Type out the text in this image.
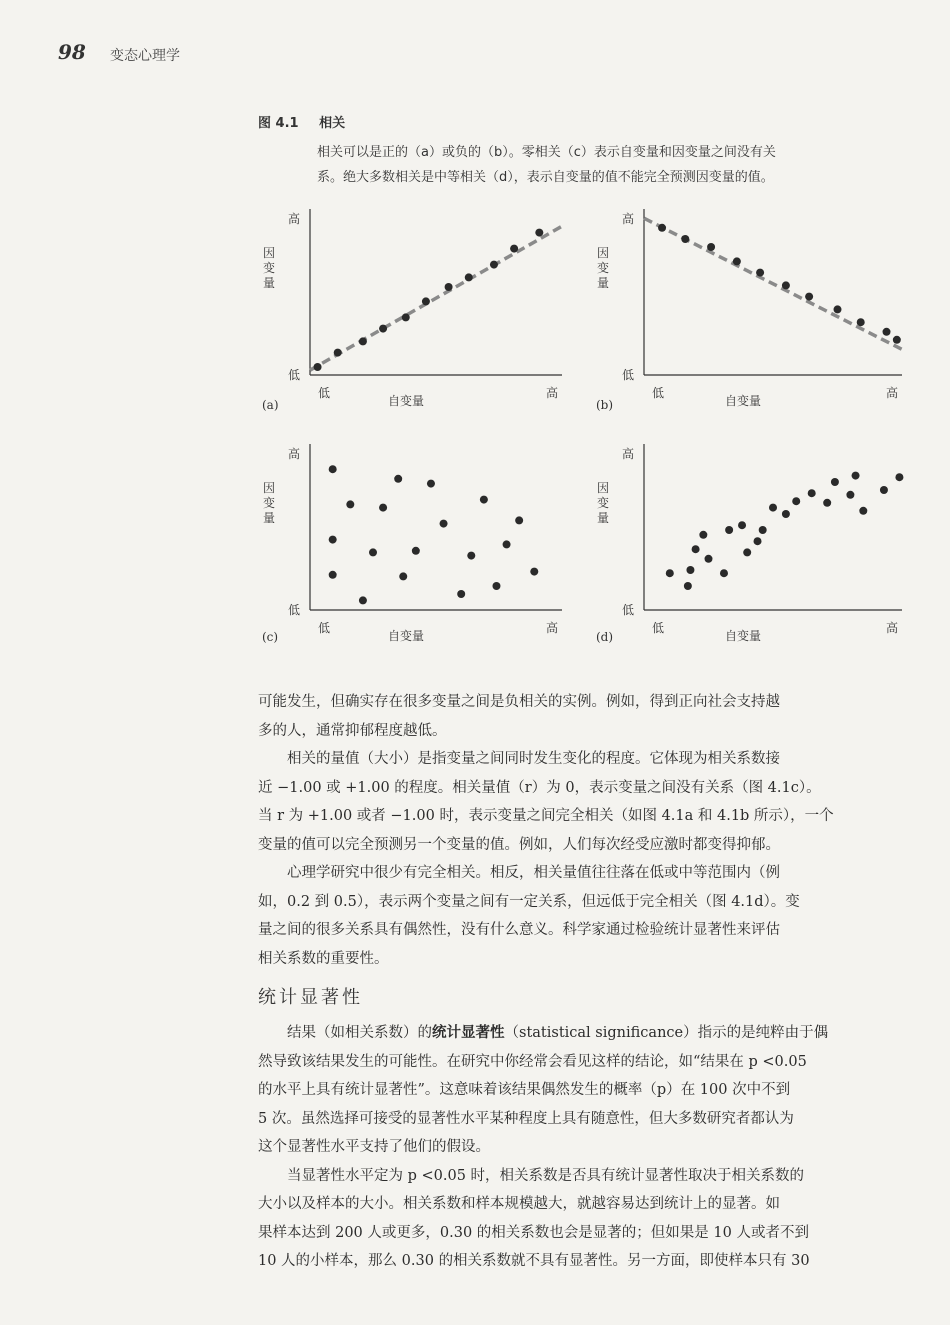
98 变态心理学
图 4.1 相关
相关可以是正的（a）或负的（b）。零相关（c）表示自变量和因变量之间没有关
系。绝大多数相关是中等相关（d），表示自变量的值不能完全预测因变量的值。
高
低
低	高
自变量
因
变
量
高
低
低	高
自变量
因
变
量
高
低
低	高
自变量
因
变
量
高
低
低	高
自变量
因
变
量
(a)	(b)
(c)	(d)

可能发生，但确实存在很多变量之间是负相关的实例。例如，得到正向社会支持越

多的人，通常抑郁程度越低。

相关的量值（大小）是指变量之间同时发生变化的程度。它体现为相关系数接

近 −1.00 或 +1.00 的程度。相关量值（r）为 0，表示变量之间没有关系（图 4.1c）。

当 r 为 +1.00 或者 −1.00 时，表示变量之间完全相关（如图 4.1a 和 4.1b 所示），一个

变量的值可以完全预测另一个变量的值。例如，人们每次经受应激时都变得抑郁。

心理学研究中很少有完全相关。相反，相关量值往往落在低或中等范围内（例

如，0.2 到 0.5），表示两个变量之间有一定关系，但远低于完全相关（图 4.1d）。变

量之间的很多关系具有偶然性，没有什么意义。科学家通过检验统计显著性来评估

相关系数的重要性。

统计显著性

结果（如相关系数）的统计显著性（statistical significance）指示的是纯粹由于偶

然导致该结果发生的可能性。在研究中你经常会看见这样的结论，如“结果在 p <0.05

的水平上具有统计显著性”。这意味着该结果偶然发生的概率（p）在 100 次中不到

5 次。虽然选择可接受的显著性水平某种程度上具有随意性，但大多数研究者都认为

这个显著性水平支持了他们的假设。

当显著性水平定为 p <0.05 时，相关系数是否具有统计显著性取决于相关系数的

大小以及样本的大小。相关系数和样本规模越大，就越容易达到统计上的显著。如

果样本达到 200 人或更多，0.30 的相关系数也会是显著的；但如果是 10 人或者不到

10 人的小样本，那么 0.30 的相关系数就不具有显著性。另一方面，即使样本只有 30
